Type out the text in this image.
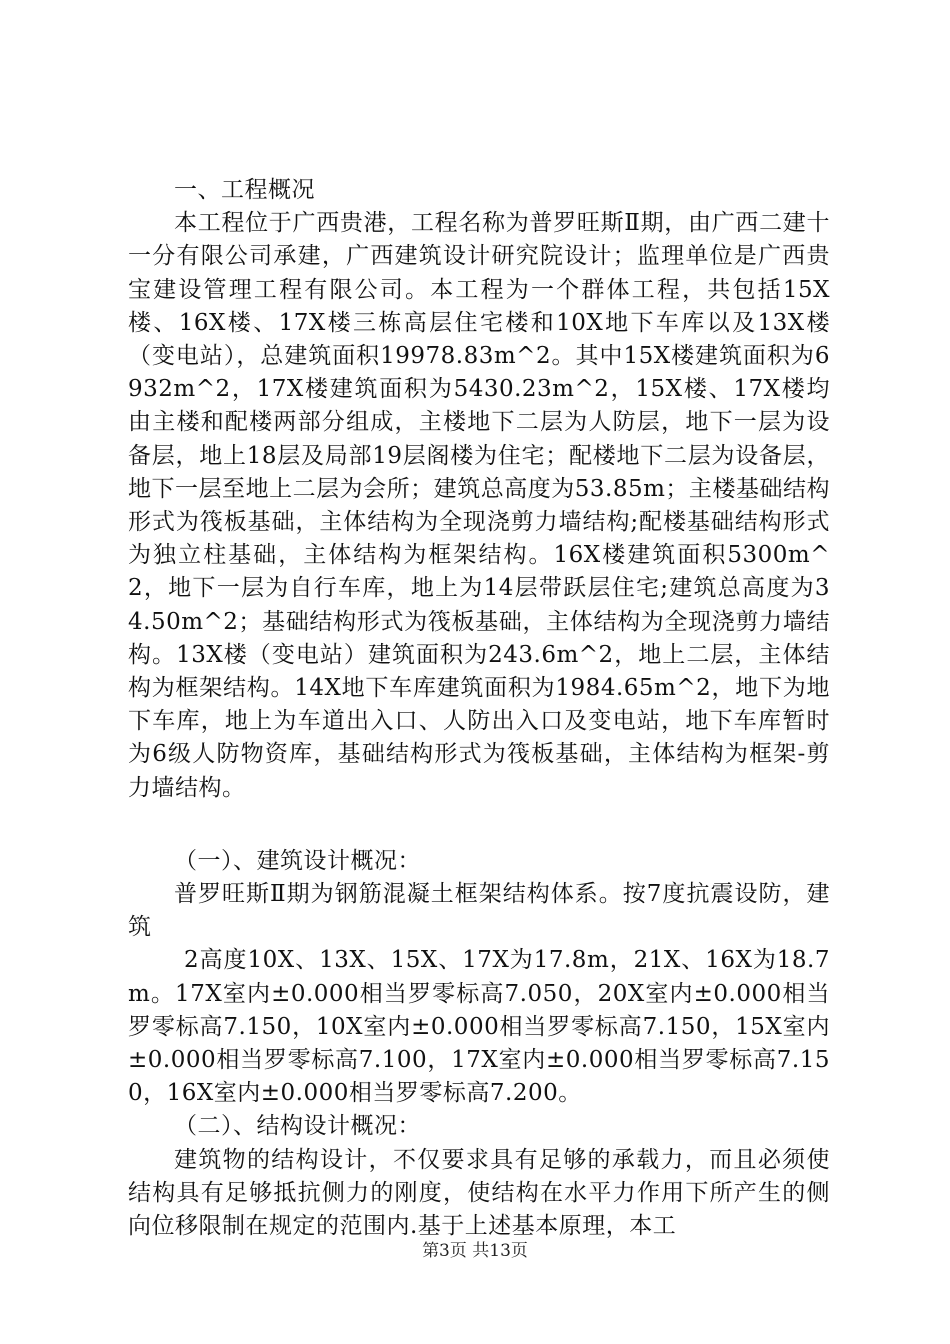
一、工程概况

本工程位于广西贵港，工程名称为普罗旺斯Ⅱ期，由广西二建十一分有限公司承建，广西建筑设计研究院设计；监理单位是广西贵宝建设管理工程有限公司。本工程为一个群体工程，共包括15X楼、16X楼、17X楼三栋高层住宅楼和10X地下车库以及13X楼（变电站），总建筑面积19978.83m^2。其中15X楼建筑面积为6932m^2，17X楼建筑面积为5430.23m^2，15X楼、17X楼均由主楼和配楼两部分组成，主楼地下二层为人防层，地下一层为设备层，地上18层及局部19层阁楼为住宅；配楼地下二层为设备层，地下一层至地上二层为会所；建筑总高度为53.85m；主楼基础结构形式为筏板基础，主体结构为全现浇剪力墙结构;配楼基础结构形式为独立柱基础，主体结构为框架结构。16X楼建筑面积5300m^2，地下一层为自行车库，地上为14层带跃层住宅;建筑总高度为34.50m^2；基础结构形式为筏板基础，主体结构为全现浇剪力墙结构。13X楼（变电站）建筑面积为243.6m^2，地上二层，主体结构为框架结构。14X地下车库建筑面积为1984.65m^2，地下为地下车库，地上为车道出入口、人防出入口及变电站，地下车库暂时为6级人防物资库，基础结构形式为筏板基础，主体结构为框架-剪力墙结构。

（一）、建筑设计概况：

普罗旺斯Ⅱ期为钢筋混凝土框架结构体系。按7度抗震设防，建筑

2高度10X、13X、15X、17X为17.8m，21X、16X为18.7m。17X室内±0.000相当罗零标高7.050，20X室内±0.000相当罗零标高7.150，10X室内±0.000相当罗零标高7.150，15X室内±0.000相当罗零标高7.100，17X室内±0.000相当罗零标高7.150，16X室内±0.000相当罗零标高7.200。

（二）、结构设计概况：

建筑物的结构设计，不仅要求具有足够的承载力，而且必须使结构具有足够抵抗侧力的刚度，使结构在水平力作用下所产生的侧向位移限制在规定的范围内.基于上述基本原理，本工

第3页 共13页
